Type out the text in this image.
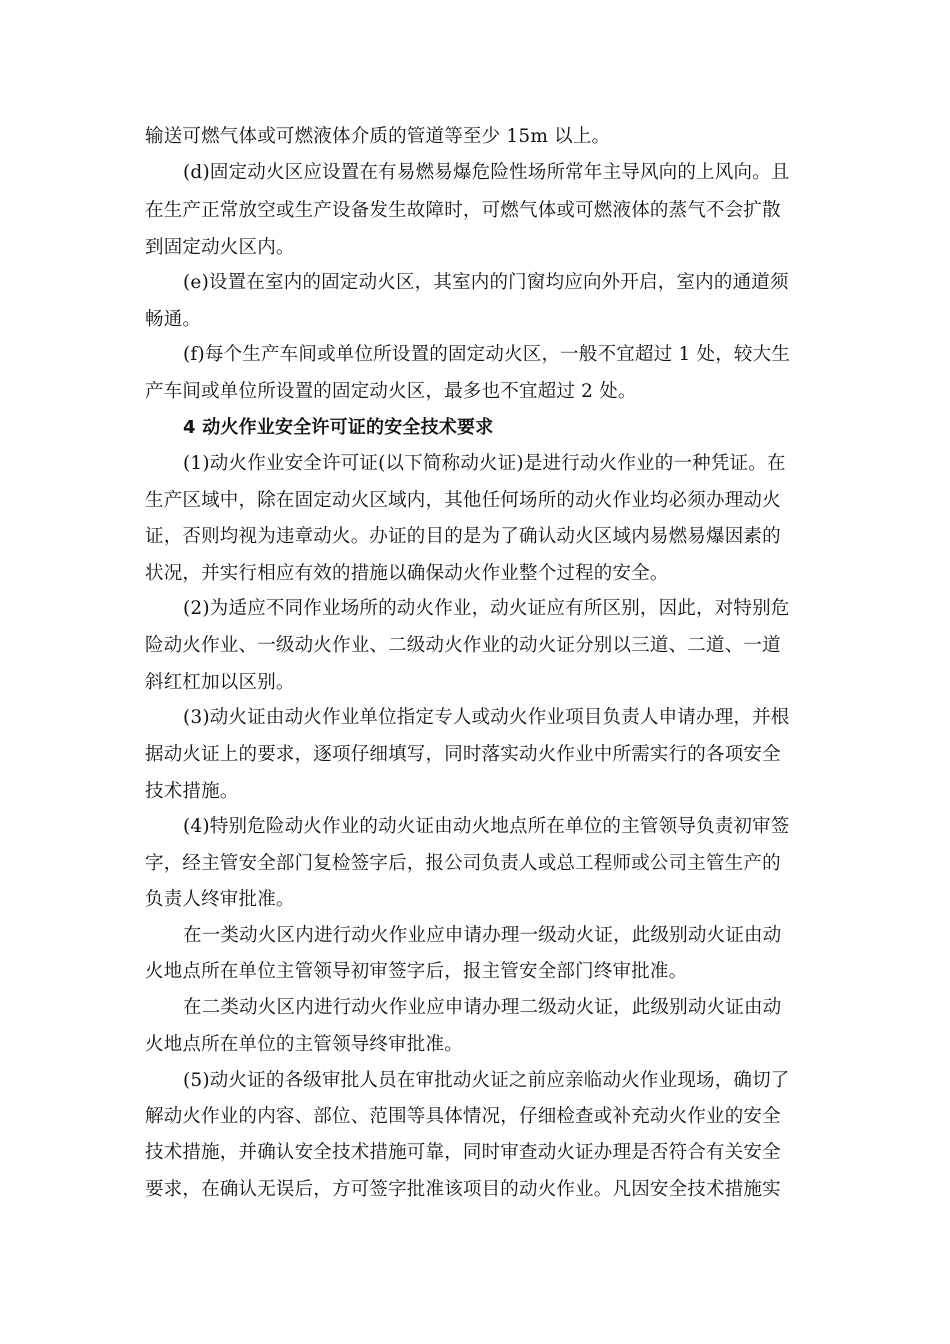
输送可燃气体或可燃液体介质的管道等至少 15m 以上。
(d)固定动火区应设置在有易燃易爆危险性场所常年主导风向的上风向。且
在生产正常放空或生产设备发生故障时，可燃气体或可燃液体的蒸气不会扩散
到固定动火区内。
(e)设置在室内的固定动火区，其室内的门窗均应向外开启，室内的通道须
畅通。
(f)每个生产车间或单位所设置的固定动火区，一般不宜超过 1 处，较大生
产车间或单位所设置的固定动火区，最多也不宜超过 2 处。
4 动火作业安全许可证的安全技术要求
(1)动火作业安全许可证(以下简称动火证)是进行动火作业的一种凭证。在
生产区域中，除在固定动火区域内，其他任何场所的动火作业均必须办理动火
证，否则均视为违章动火。办证的目的是为了确认动火区域内易燃易爆因素的
状况，并实行相应有效的措施以确保动火作业整个过程的安全。
(2)为适应不同作业场所的动火作业，动火证应有所区别，因此，对特别危
险动火作业、一级动火作业、二级动火作业的动火证分别以三道、二道、一道
斜红杠加以区别。
(3)动火证由动火作业单位指定专人或动火作业项目负责人申请办理，并根
据动火证上的要求，逐项仔细填写，同时落实动火作业中所需实行的各项安全
技术措施。
(4)特别危险动火作业的动火证由动火地点所在单位的主管领导负责初审签
字，经主管安全部门复检签字后，报公司负责人或总工程师或公司主管生产的
负责人终审批准。
在一类动火区内进行动火作业应申请办理一级动火证，此级别动火证由动
火地点所在单位主管领导初审签字后，报主管安全部门终审批准。
在二类动火区内进行动火作业应申请办理二级动火证，此级别动火证由动
火地点所在单位的主管领导终审批准。
(5)动火证的各级审批人员在审批动火证之前应亲临动火作业现场，确切了
解动火作业的内容、部位、范围等具体情况，仔细检查或补充动火作业的安全
技术措施，并确认安全技术措施可靠，同时审查动火证办理是否符合有关安全
要求，在确认无误后，方可签字批准该项目的动火作业。凡因安全技术措施实
